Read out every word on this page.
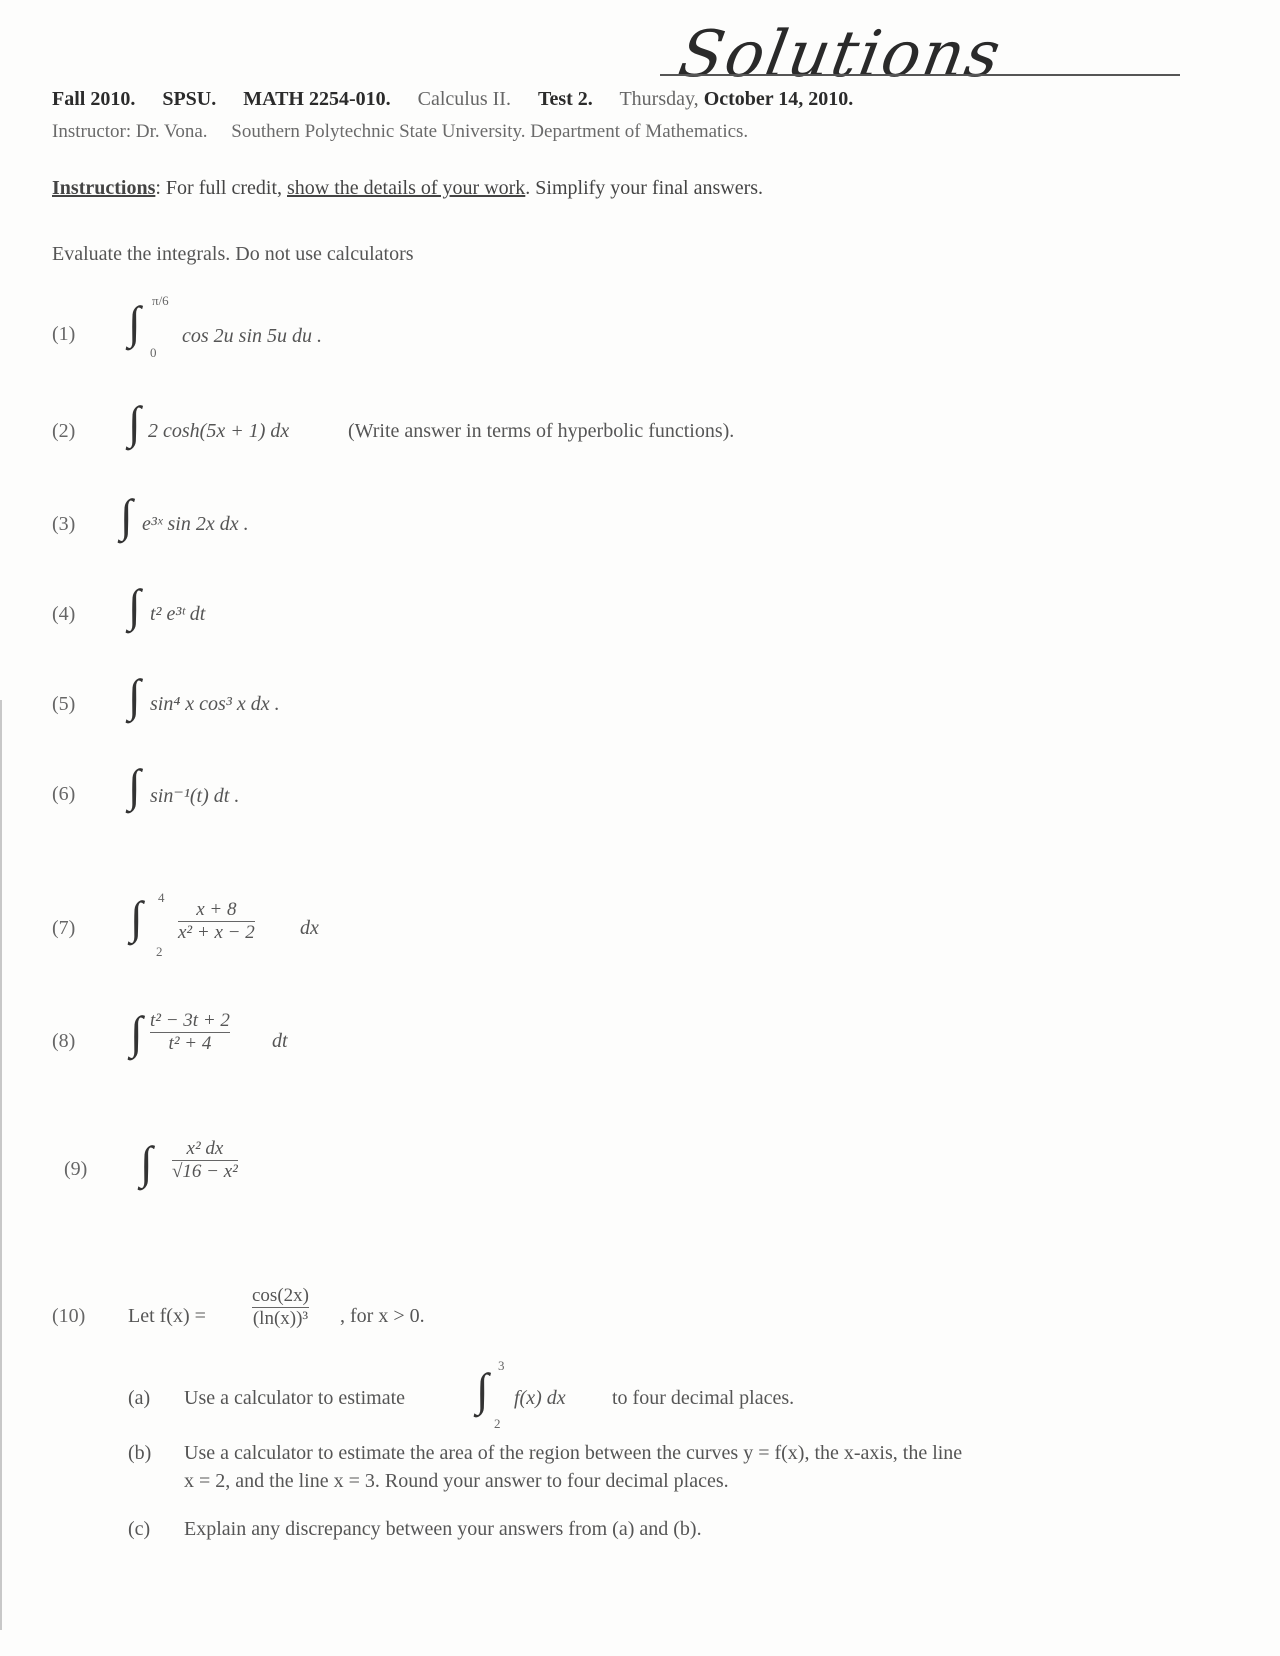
Solutions
Fall 2010. SPSU. MATH 2254-010. Calculus II. Test 2. Thursday, October 14, 2010.
Instructor: Dr. Vona.     Southern Polytechnic State University. Department of Mathematics.
Instructions: For full credit, show the details of your work. Simplify your final answers.
Evaluate the integrals. Do not use calculators
(1) ∫ π/6
0
cos 2u sin 5u du .
(2) ∫ 2 cosh(5x + 1) dx	(Write answer in terms of hyperbolic functions).
(3) ∫ e³ˣ sin 2x dx .
(4) ∫ t² e³ᵗ dt
(5) ∫ sin⁴ x cos³ x dx .
(6) ∫ sin⁻¹(t) dt .
(7) ∫ 4
2
x + 8
x² + x − 2 dx
(8) ∫ t² − 3t + 2
t² + 4	dt
(9) ∫ x² dx
√16 − x²
(10) Let f(x) =
cos(2x)
(ln(x))³ , for x > 0.
(a) Use a calculator to estimate ∫ 3
2
f(x) dx to four decimal places.
(b) Use a calculator to estimate the area of the region between the curves y = f(x), the x-axis, the line
x = 2, and the line x = 3. Round your answer to four decimal places.
(c) Explain any discrepancy between your answers from (a) and (b).
